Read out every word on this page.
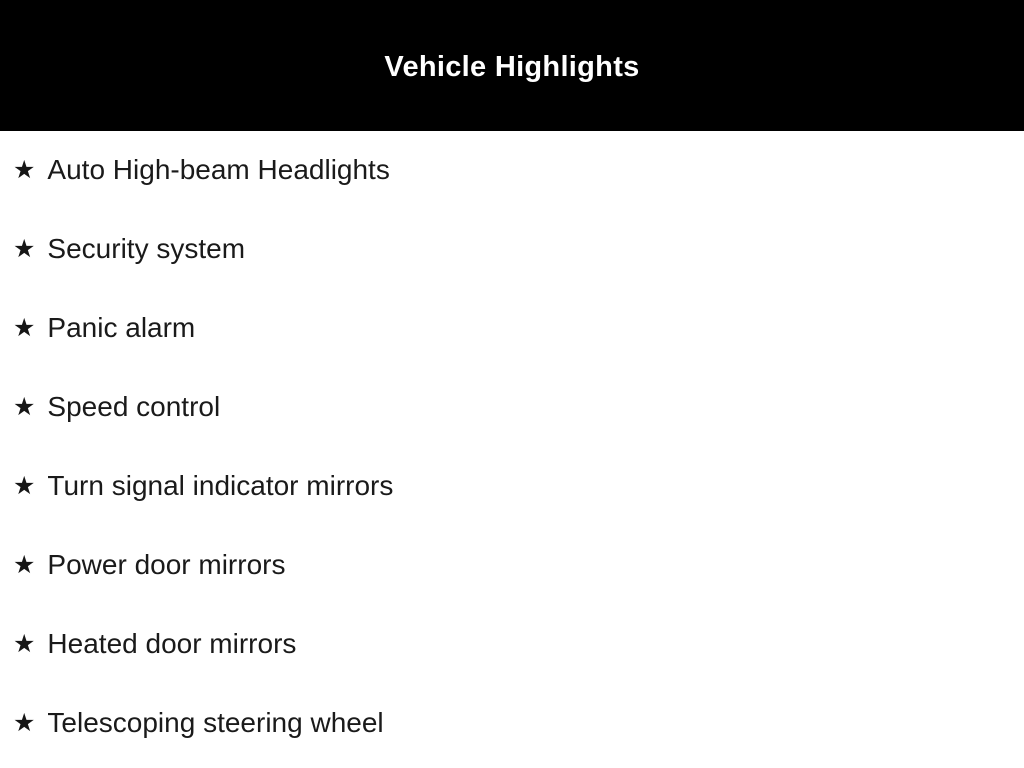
Vehicle Highlights
★ Auto High-beam Headlights
★ Security system
★ Panic alarm
★ Speed control
★ Turn signal indicator mirrors
★ Power door mirrors
★ Heated door mirrors
★ Telescoping steering wheel
